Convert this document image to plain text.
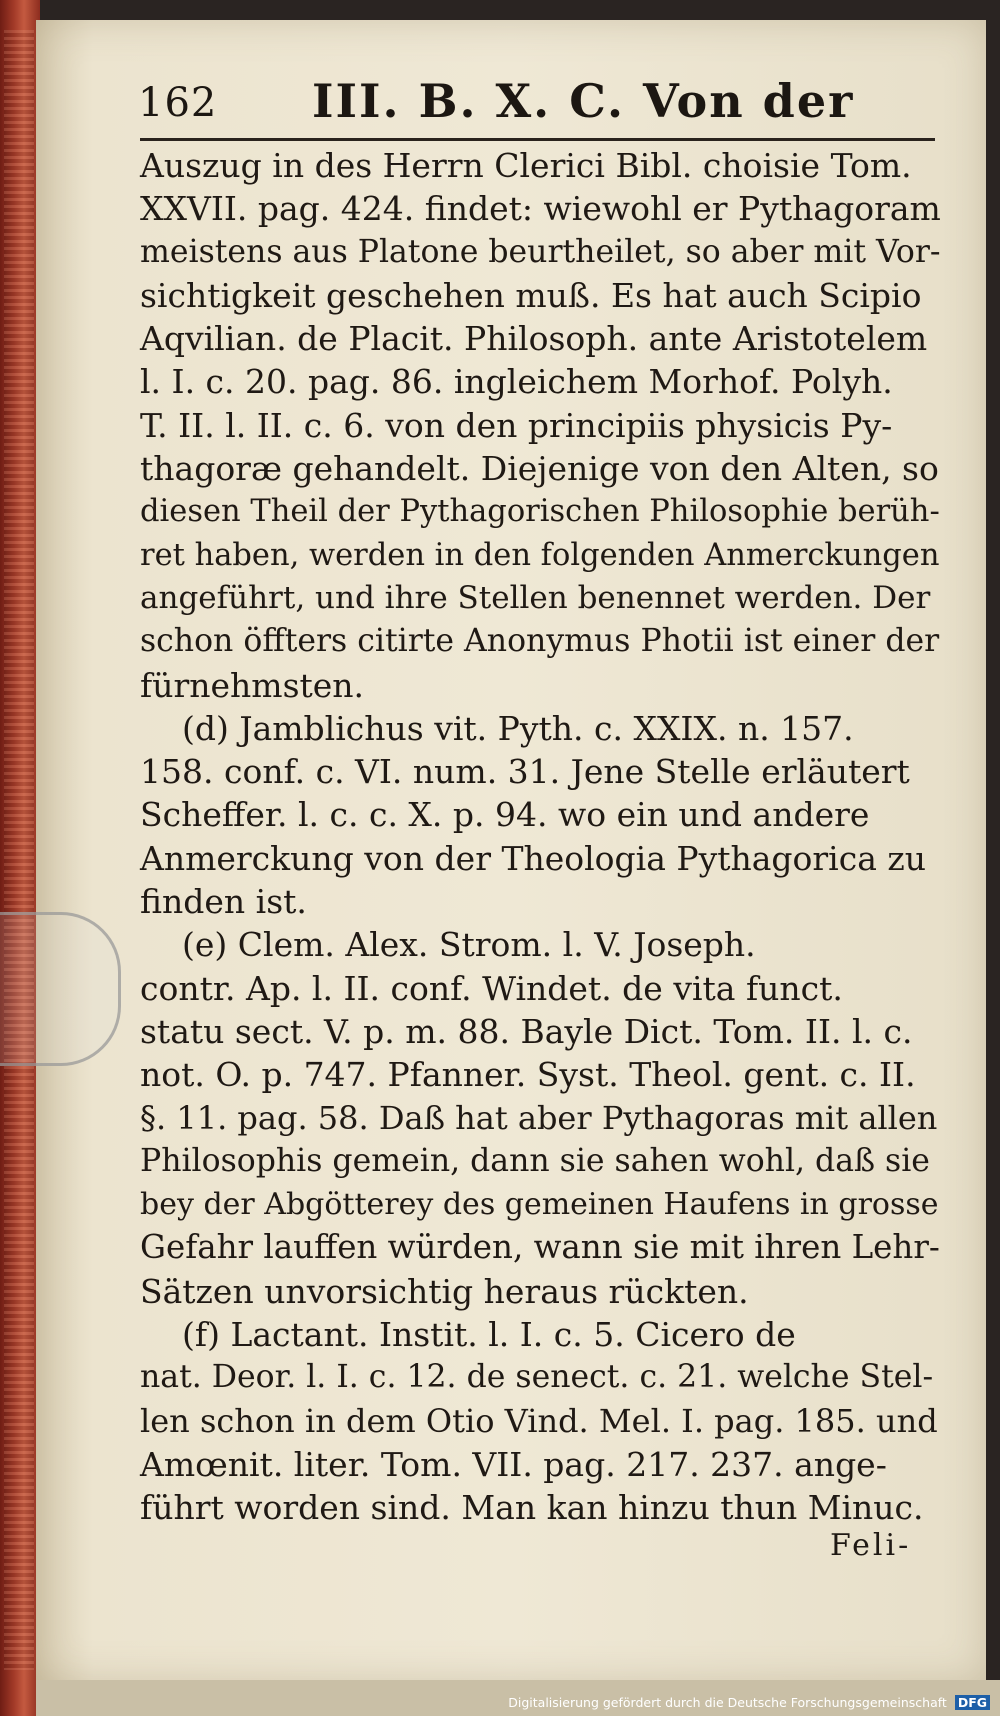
162 III. B. X. C. Von der
Auszug in des Herrn Clerici Bibl. choisie Tom.
XXVII. pag. 424. findet: wiewohl er Pythagoram
meistens aus Platone beurtheilet, so aber mit Vor-
sichtigkeit geschehen muß. Es hat auch Scipio
Aqvilian. de Placit. Philosoph. ante Aristotelem
l. I. c. 20. pag. 86. ingleichem Morhof. Polyh.
T. II. l. II. c. 6. von den principiis physicis Py-
thagoræ gehandelt. Diejenige von den Alten, so
diesen Theil der Pythagorischen Philosophie berüh-
ret haben, werden in den folgenden Anmerckungen
angeführt, und ihre Stellen benennet werden. Der
schon öffters citirte Anonymus Photii ist einer der
fürnehmsten.
(d) Jamblichus vit. Pyth. c. XXIX. n. 157.
158. conf. c. VI. num. 31. Jene Stelle erläutert
Scheffer. l. c. c. X. p. 94. wo ein und andere
Anmerckung von der Theologia Pythagorica zu
finden ist.
(e) Clem. Alex. Strom. l. V. Joseph.
contr. Ap. l. II. conf. Windet. de vita funct.
statu sect. V. p. m. 88. Bayle Dict. Tom. II. l. c.
not. O. p. 747. Pfanner. Syst. Theol. gent. c. II.
§. 11. pag. 58. Daß hat aber Pythagoras mit allen
Philosophis gemein, dann sie sahen wohl, daß sie
bey der Abgötterey des gemeinen Haufens in grosse
Gefahr lauffen würden, wann sie mit ihren Lehr-
Sätzen unvorsichtig heraus rückten.
(f) Lactant. Instit. l. I. c. 5. Cicero de
nat. Deor. l. I. c. 12. de senect. c. 21. welche Stel-
len schon in dem Otio Vind. Mel. I. pag. 185. und
Amœnit. liter. Tom. VII. pag. 217. 237. ange-
führt worden sind. Man kan hinzu thun Minuc.
Feli-
Digitalisierung gefördert durch die Deutsche Forschungsgemeinschaft DFG
